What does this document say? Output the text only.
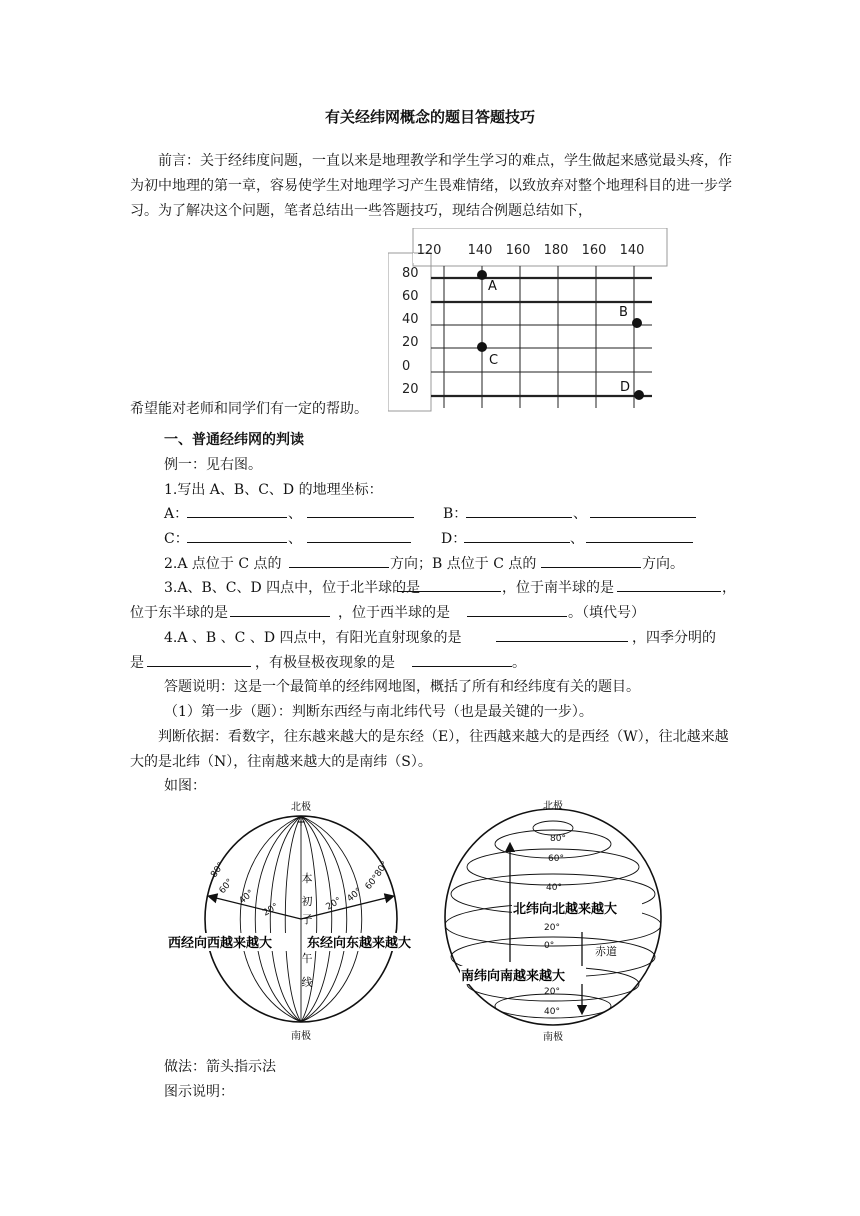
有关经纬网概念的题目答题技巧
前言：关于经纬度问题，一直以来是地理教学和学生学习的难点，学生做起来感觉最头疼，作为初中地理的第一章，容易使学生对地理学习产生畏难情绪，以致放弃对整个地理科目的进一步学习。为了解决这个问题，笔者总结出一些答题技巧，现结合例题总结如下，
希望能对老师和同学们有一定的帮助。
120 140 160 180 160 140
80
60
40
20
0
20
A
B
C
D
一、普通经纬网的判读
例一：见右图。
1.写出 A、B、C、D 的地理坐标：
A：	、	B：	、
C：	、	D：	、
2.A 点位于 C 点的	方向；B 点位于 C 点的	方向。
3.A、B、C、D 四点中，位于北半球的是	，位于南半球的是	，
位于东半球的是	，位于西半球的是	。（填代号）
4.A 、B 、C 、D 四点中，有阳光直射现象的是	，四季分明的
是	，有极昼极夜现象的是	。
答题说明：这是一个最简单的经纬网地图，概括了所有和经纬度有关的题目。
（1）第一步（题）：判断东西经与南北纬代号（也是最关键的一步）。
判断依据：看数字，往东越来越大的是东经（E），往西越来越大的是西经（W），往北越来越大的是北纬（N），往南越来越大的是南纬（S）。
如图：
北极
+
南极
本
初
子
午
线
80°
60°
40°
20°	20° 40°
60°
80°
西经向西越来越大	东经向东越来越大
北极
南极
80°
60°
40°
20°
0°
20°
40°
赤道
北纬向北越来越大
南纬向南越来越大
做法：箭头指示法
图示说明：
